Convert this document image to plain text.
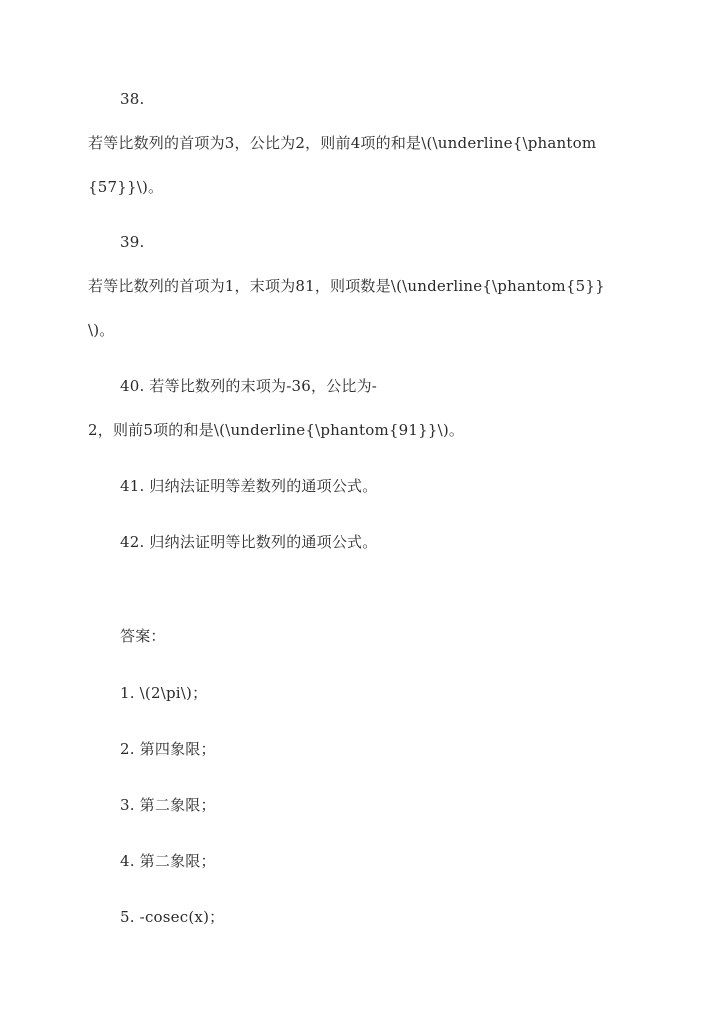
38.
若等比数列的首项为3，公比为2，则前4项的和是\(\underline{\phantom
{57}}\)。
39.
若等比数列的首项为1，末项为81，则项数是\(\underline{\phantom{5}}
\)。
40. 若等比数列的末项为-36，公比为-
2，则前5项的和是\(\underline{\phantom{91}}\)。
41. 归纳法证明等差数列的通项公式。
42. 归纳法证明等比数列的通项公式。
答案：
1. \(2\pi\)；
2. 第四象限；
3. 第二象限；
4. 第二象限；
5. -cosec(x)；
